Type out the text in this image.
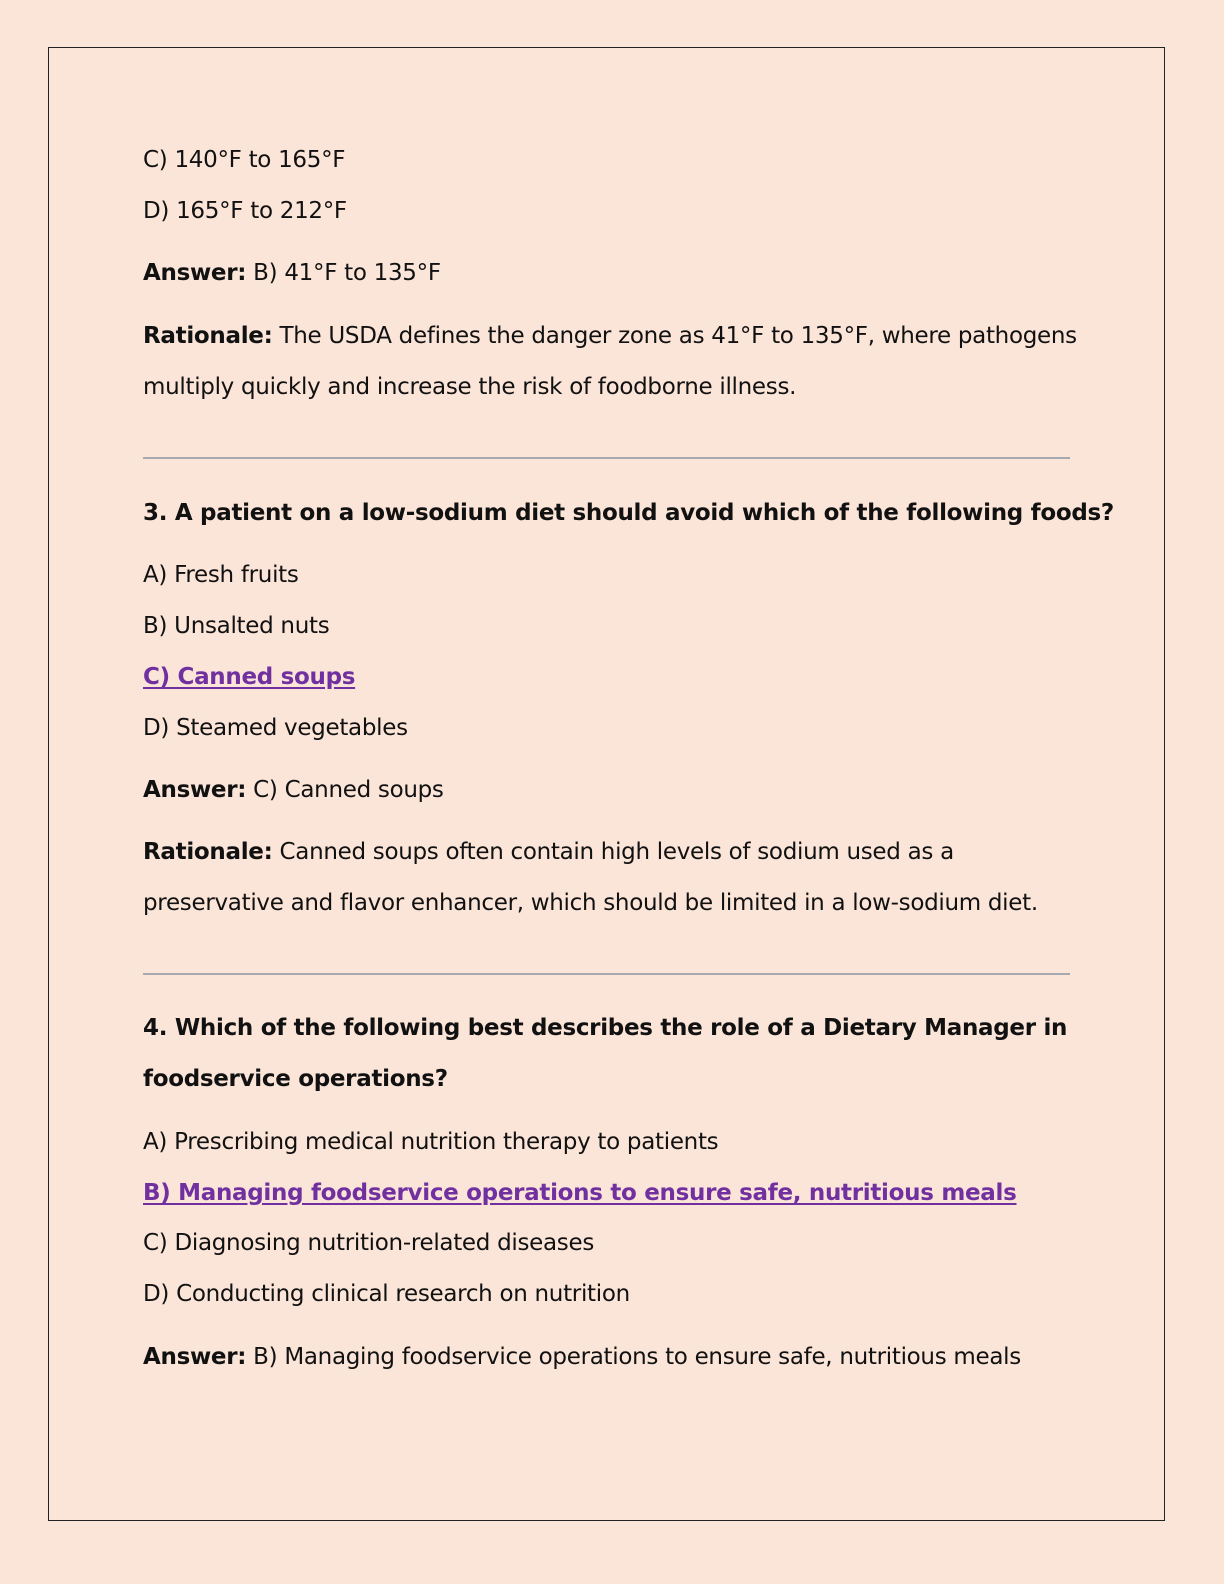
C) 140°F to 165°F
D) 165°F to 212°F
Answer: B) 41°F to 135°F
Rationale: The USDA defines the danger zone as 41°F to 135°F, where pathogens
multiply quickly and increase the risk of foodborne illness.
3. A patient on a low-sodium diet should avoid which of the following foods?
A) Fresh fruits
B) Unsalted nuts
C) Canned soups
D) Steamed vegetables
Answer: C) Canned soups
Rationale: Canned soups often contain high levels of sodium used as a
preservative and flavor enhancer, which should be limited in a low-sodium diet.
4. Which of the following best describes the role of a Dietary Manager in
foodservice operations?
A) Prescribing medical nutrition therapy to patients
B) Managing foodservice operations to ensure safe, nutritious meals
C) Diagnosing nutrition-related diseases
D) Conducting clinical research on nutrition
Answer: B) Managing foodservice operations to ensure safe, nutritious meals
